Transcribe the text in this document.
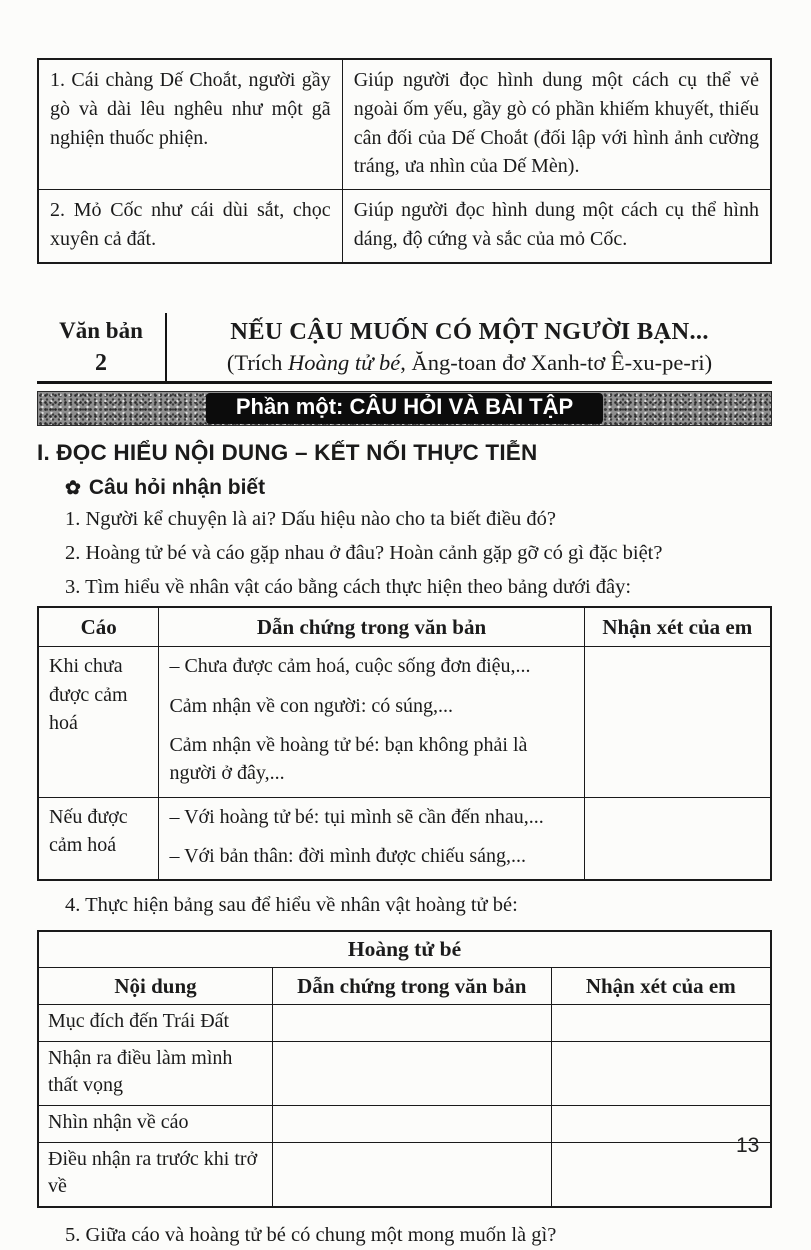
1. Cái chàng Dế Choắt, người gầy gò và dài lêu nghêu như một gã nghiện thuốc phiện.	Giúp người đọc hình dung một cách cụ thể vẻ ngoài ốm yếu, gầy gò có phần khiếm khuyết, thiếu cân đối của Dế Choắt (đối lập với hình ảnh cường tráng, ưa nhìn của Dế Mèn).
2. Mỏ Cốc như cái dùi sắt, chọc xuyên cả đất.	Giúp người đọc hình dung một cách cụ thể hình dáng, độ cứng và sắc của mỏ Cốc.
Văn bản
2
NẾU CẬU MUỐN CÓ MỘT NGƯỜI BẠN...
(Trích Hoàng tử bé, Ăng-toan đơ Xanh-tơ Ê-xu-pe-ri)
Phần một: CÂU HỎI VÀ BÀI TẬP
I. ĐỌC HIỂU NỘI DUNG – KẾT NỐI THỰC TIỄN
✿ Câu hỏi nhận biết

1. Người kể chuyện là ai? Dấu hiệu nào cho ta biết điều đó?

2. Hoàng tử bé và cáo gặp nhau ở đâu? Hoàn cảnh gặp gỡ có gì đặc biệt?

3. Tìm hiểu về nhân vật cáo bằng cách thực hiện theo bảng dưới đây:

Cáo	Dẫn chứng trong văn bản	Nhận xét của em
Khi chưa được cảm hoá	– Chưa được cảm hoá, cuộc sống đơn điệu,...

Cảm nhận về con người: có súng,...

Cảm nhận về hoàng tử bé: bạn không phải là người ở đây,...	

Nếu được cảm hoá	– Với hoàng tử bé: tụi mình sẽ cần đến nhau,...

– Với bản thân: đời mình được chiếu sáng,...	

4. Thực hiện bảng sau để hiểu về nhân vật hoàng tử bé:

Hoàng tử bé		
Nội dung	Dẫn chứng trong văn bản	Nhận xét của em
Mục đích đến Trái Đất		
Nhận ra điều làm mình thất vọng		
Nhìn nhận về cáo		
Điều nhận ra trước khi trở về		

5. Giữa cáo và hoàng tử bé có chung một mong muốn là gì?

13
